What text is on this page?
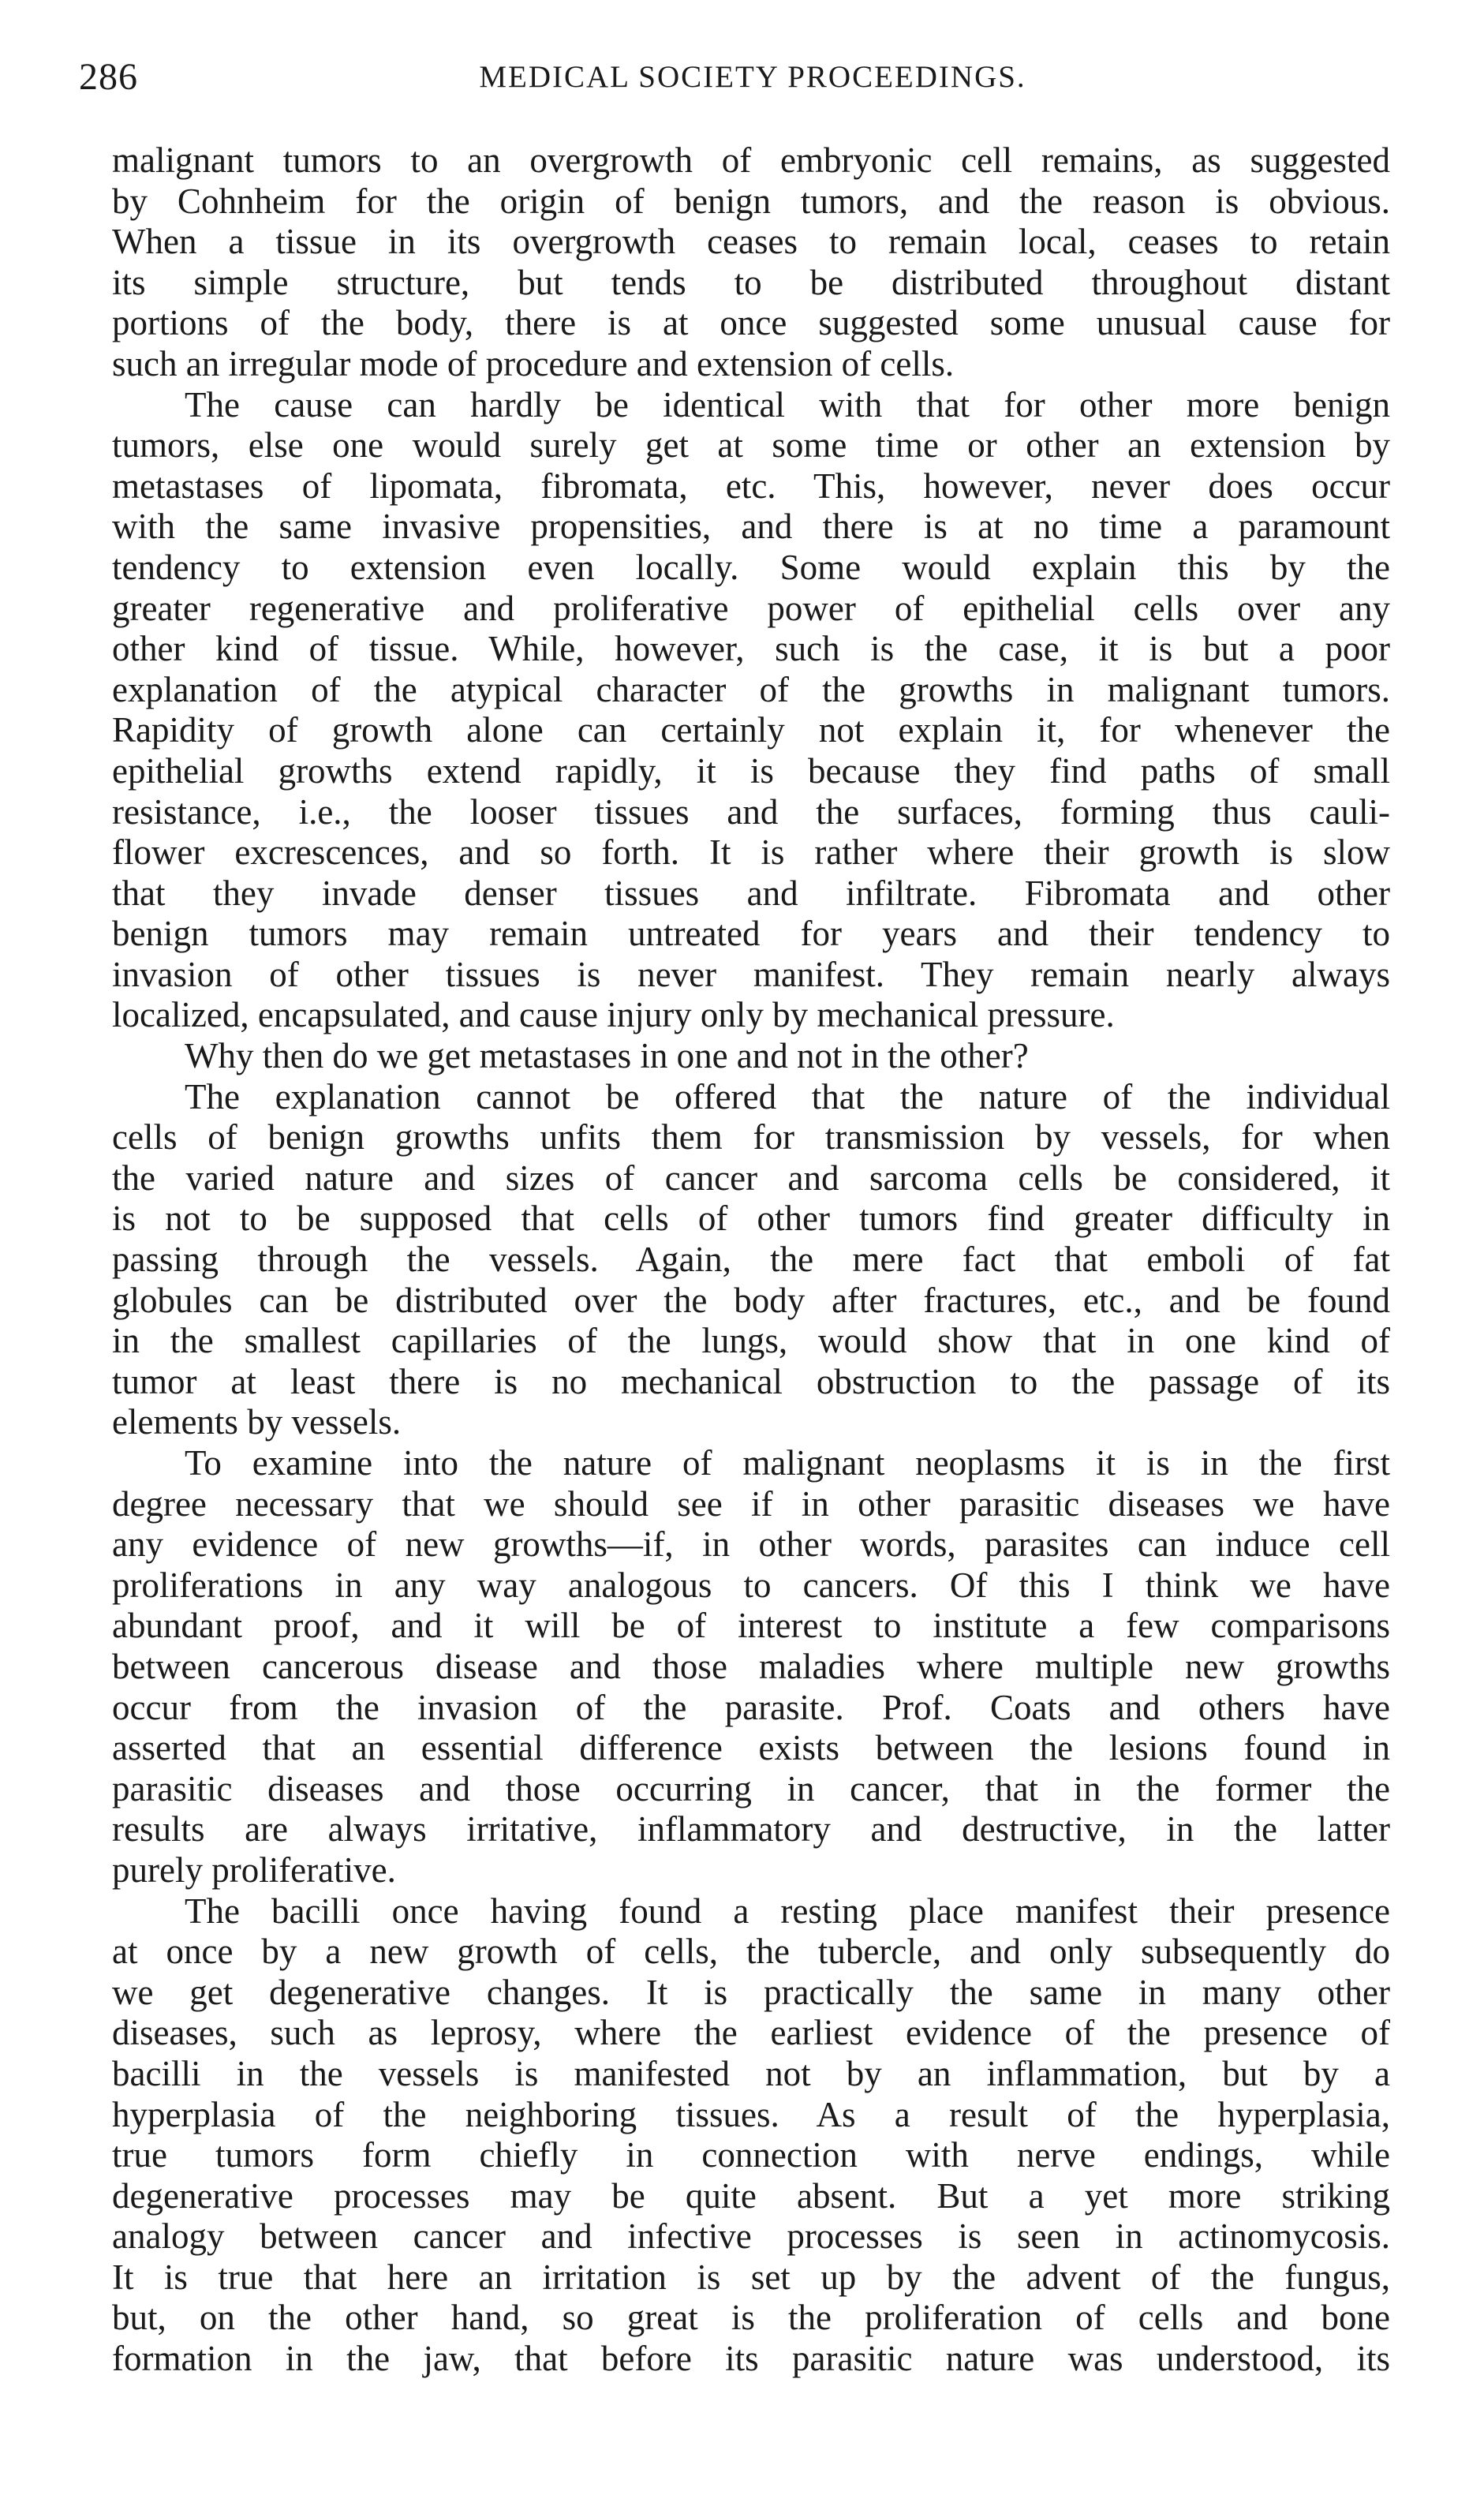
286	MEDICAL SOCIETY PROCEEDINGS.
malignant tumors to an overgrowth of embryonic cell remains, as suggested
by Cohnheim for the origin of benign tumors, and the reason is obvious.
When a tissue in its overgrowth ceases to remain local, ceases to retain
its simple structure, but tends to be distributed throughout distant
portions of the body, there is at once suggested some unusual cause for
such an irregular mode of procedure and extension of cells.
The cause can hardly be identical with that for other more benign
tumors, else one would surely get at some time or other an extension by
metastases of lipomata, fibromata, etc. This, however, never does occur
with the same invasive propensities, and there is at no time a paramount
tendency to extension even locally. Some would explain this by the
greater regenerative and proliferative power of epithelial cells over any
other kind of tissue. While, however, such is the case, it is but a poor
explanation of the atypical character of the growths in malignant tumors.
Rapidity of growth alone can certainly not explain it, for whenever the
epithelial growths extend rapidly, it is because they find paths of small
resistance, i.e., the looser tissues and the surfaces, forming thus cauli-
flower excrescences, and so forth. It is rather where their growth is slow
that they invade denser tissues and infiltrate. Fibromata and other
benign tumors may remain untreated for years and their tendency to
invasion of other tissues is never manifest. They remain nearly always
localized, encapsulated, and cause injury only by mechanical pressure.
Why then do we get metastases in one and not in the other?
The explanation cannot be offered that the nature of the individual
cells of benign growths unfits them for transmission by vessels, for when
the varied nature and sizes of cancer and sarcoma cells be considered, it
is not to be supposed that cells of other tumors find greater difficulty in
passing through the vessels. Again, the mere fact that emboli of fat
globules can be distributed over the body after fractures, etc., and be found
in the smallest capillaries of the lungs, would show that in one kind of
tumor at least there is no mechanical obstruction to the passage of its
elements by vessels.
To examine into the nature of malignant neoplasms it is in the first
degree necessary that we should see if in other parasitic diseases we have
any evidence of new growths—if, in other words, parasites can induce cell
proliferations in any way analogous to cancers. Of this I think we have
abundant proof, and it will be of interest to institute a few comparisons
between cancerous disease and those maladies where multiple new growths
occur from the invasion of the parasite. Prof. Coats and others have
asserted that an essential difference exists between the lesions found in
parasitic diseases and those occurring in cancer, that in the former the
results are always irritative, inflammatory and destructive, in the latter
purely proliferative.
The bacilli once having found a resting place manifest their presence
at once by a new growth of cells, the tubercle, and only subsequently do
we get degenerative changes. It is practically the same in many other
diseases, such as leprosy, where the earliest evidence of the presence of
bacilli in the vessels is manifested not by an inflammation, but by a
hyperplasia of the neighboring tissues. As a result of the hyperplasia,
true tumors form chiefly in connection with nerve endings, while
degenerative processes may be quite absent. But a yet more striking
analogy between cancer and infective processes is seen in actinomycosis.
It is true that here an irritation is set up by the advent of the fungus,
but, on the other hand, so great is the proliferation of cells and bone
formation in the jaw, that before its parasitic nature was understood, its
